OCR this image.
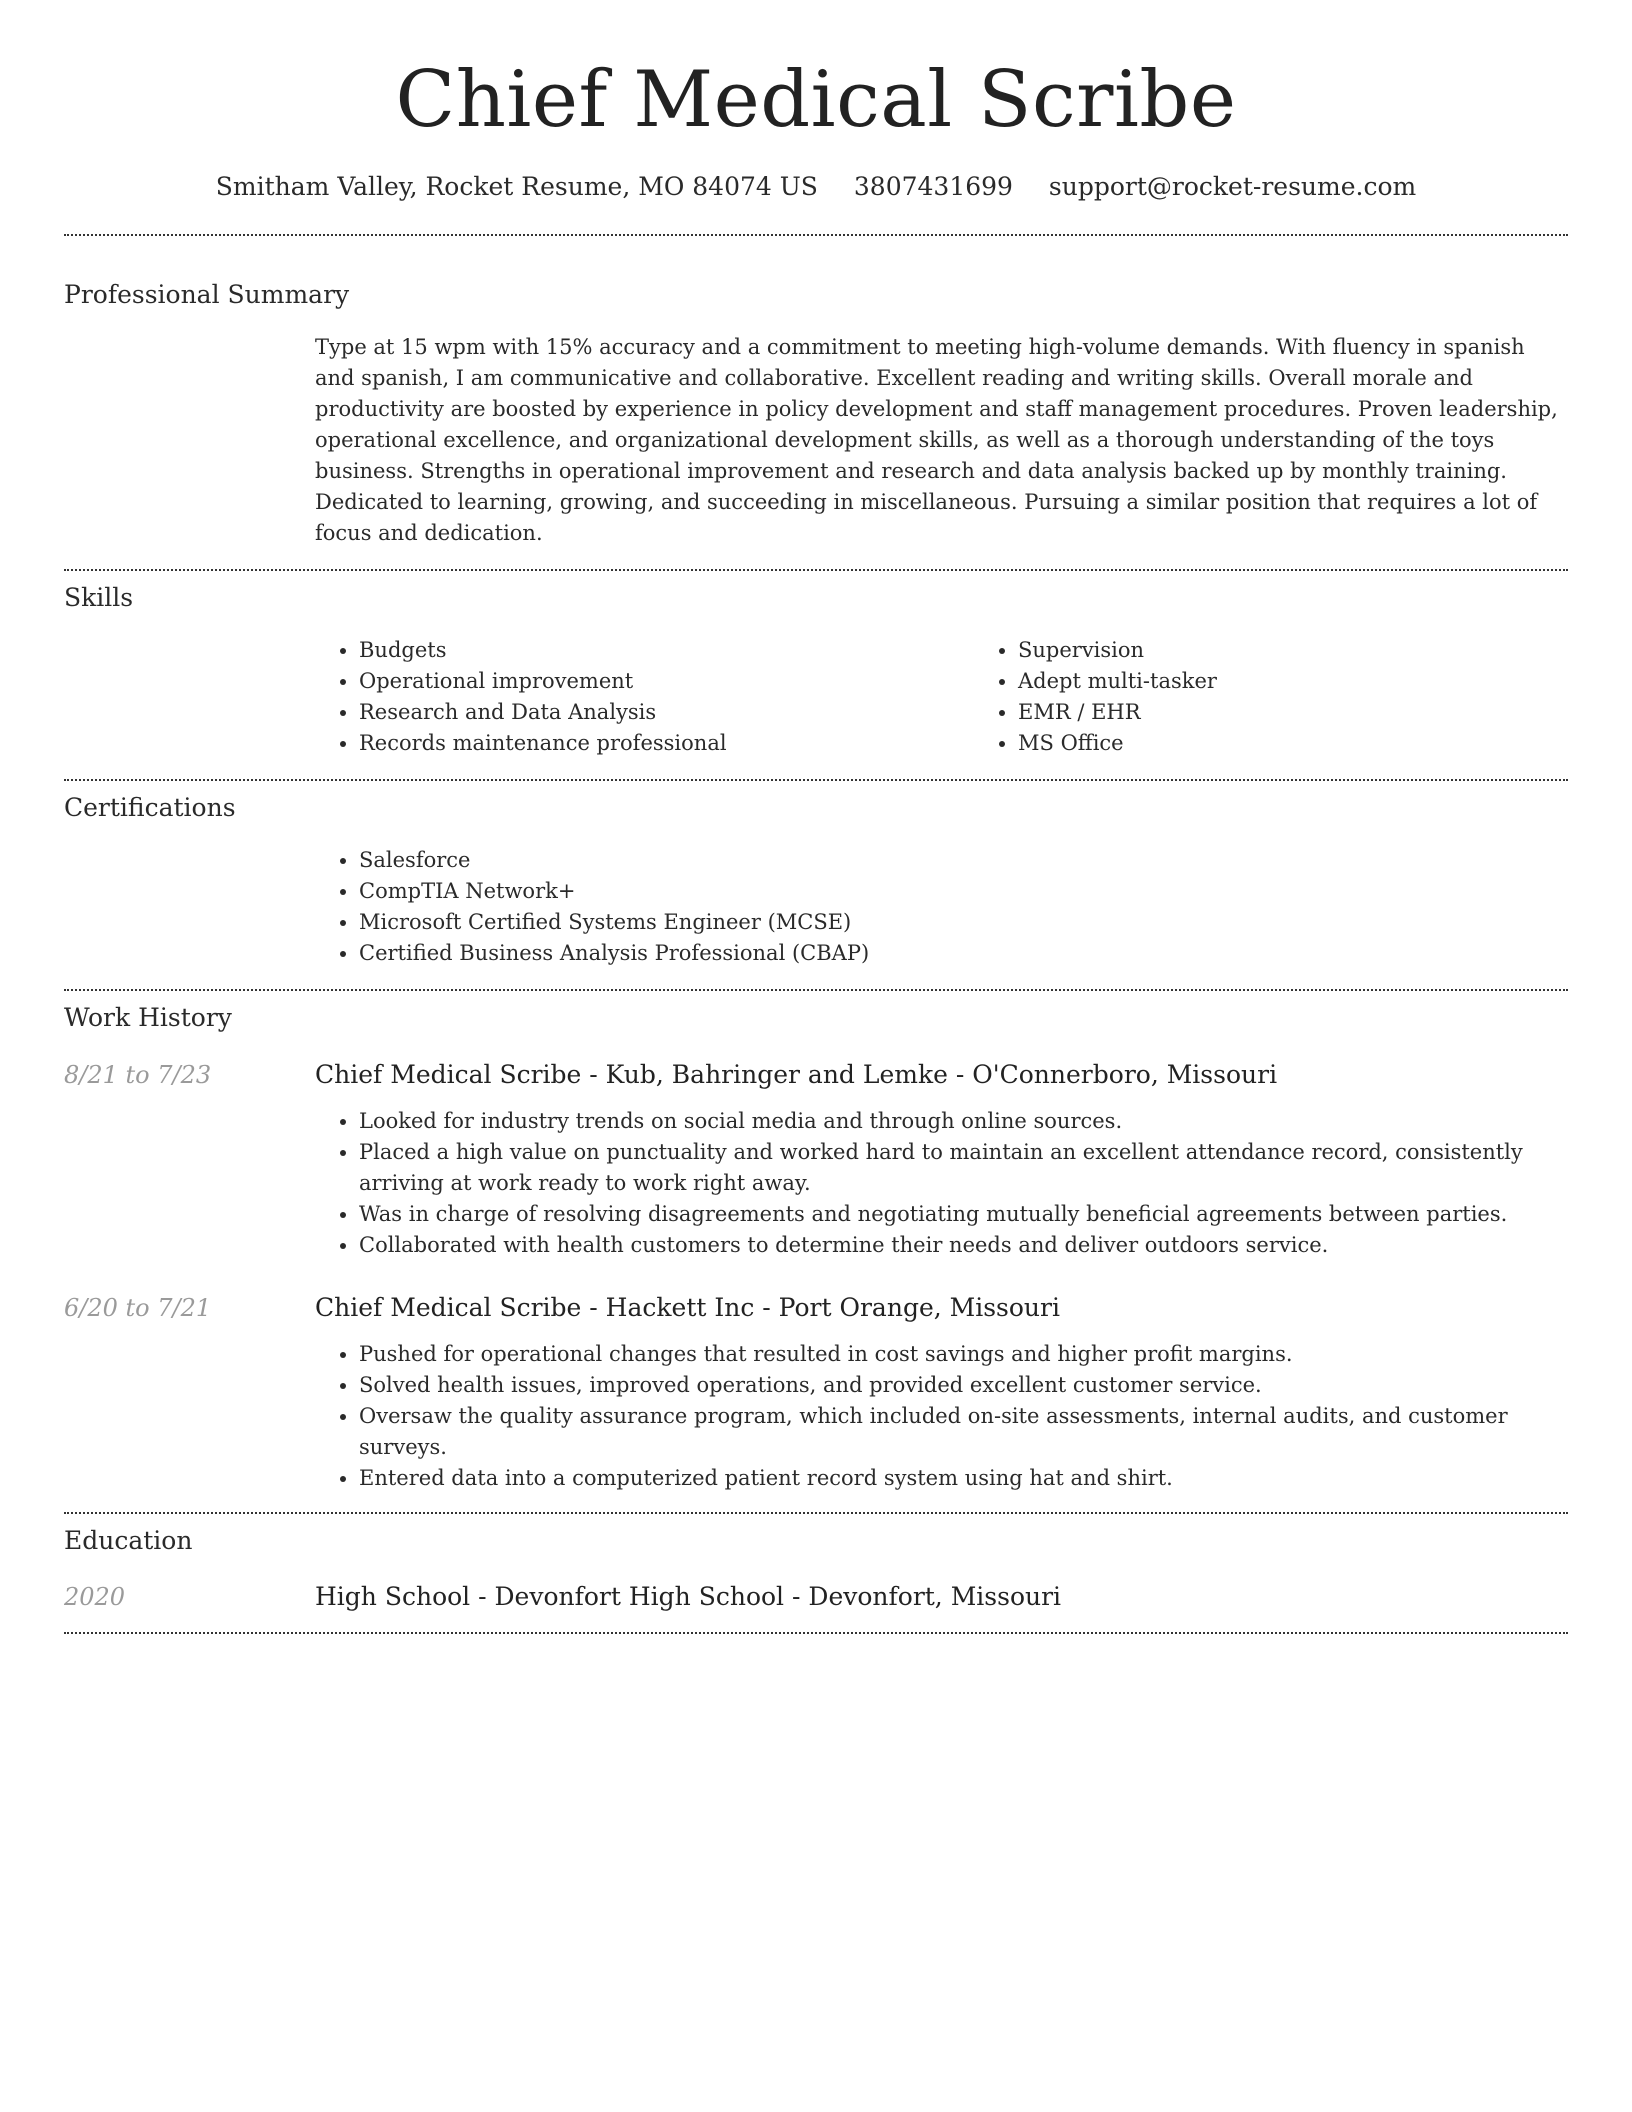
Chief Medical Scribe
Smitham Valley, Rocket Resume, MO 84074 US 3807431699 support@rocket-resume.com
Professional Summary

Type at 15 wpm with 15% accuracy and a commitment to meeting high-volume demands. With fluency in spanish and spanish, I am communicative and collaborative. Excellent reading and writing skills. Overall morale and productivity are boosted by experience in policy development and staff management procedures. Proven leadership, operational excellence, and organizational development skills, as well as a thorough understanding of the toys business. Strengths in operational improvement and research and data analysis backed up by monthly training. Dedicated to learning, growing, and succeeding in miscellaneous. Pursuing a similar position that requires a lot of focus and dedication.

Skills
• Budgets
• Operational improvement
• Research and Data Analysis
• Records maintenance professional
• Supervision
• Adept multi-tasker
• EMR / EHR
• MS Office
Certifications
• Salesforce
• CompTIA Network+
• Microsoft Certified Systems Engineer (MCSE)
• Certified Business Analysis Professional (CBAP)
Work History
8/21 to 7/23	Chief Medical Scribe - Kub, Bahringer and Lemke - O'Connerboro, Missouri
• Looked for industry trends on social media and through online sources.
• Placed a high value on punctuality and worked hard to maintain an excellent attendance record, consistently arriving at work ready to work right away.
• Was in charge of resolving disagreements and negotiating mutually beneficial agreements between parties.
• Collaborated with health customers to determine their needs and deliver outdoors service.
6/20 to 7/21	Chief Medical Scribe - Hackett Inc - Port Orange, Missouri
• Pushed for operational changes that resulted in cost savings and higher profit margins.
• Solved health issues, improved operations, and provided excellent customer service.
• Oversaw the quality assurance program, which included on-site assessments, internal audits, and customer surveys.
• Entered data into a computerized patient record system using hat and shirt.
Education
2020	High School - Devonfort High School - Devonfort, Missouri
